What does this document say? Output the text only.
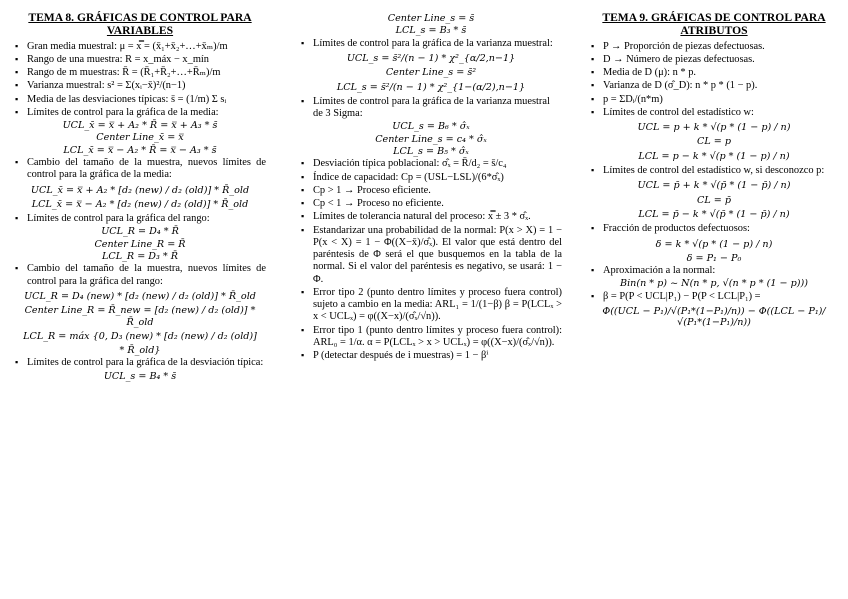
TEMA 8. GRÁFICAS DE CONTROL PARA VARIABLES
▪ Gran media muestral: μ = x̿ = (x̄₁+x̄₂+…+x̄ₘ)/m
▪ Rango de una muestra: R = x_máx − x_mín
▪ Rango de m muestras: R̄ = (R̄₁+R̄₂+…+R̄ₘ)/m
▪ Varianza muestral: s² = Σ(xᵢ−x̄)²/(n−1)
▪ Media de las desviaciones típicas: s̄ = (1/m) Σ sᵢ
▪ Límites de control para la gráfica de la media:
UCL_x̄ = x̿ + A₂ * R̄ = x̿ + A₃ * s̄
Center Line_x̄ = x̿
LCL_x̄ = x̿ − A₂ * R̄ = x̿ − A₃ * s̄
▪ Cambio del tamaño de la muestra, nuevos límites de control para la gráfica de la media:
UCL_x̄ = x̿ + A₂ * [d₂ (new) / d₂ (old)] * R̄_old
LCL_x̄ = x̿ − A₂ * [d₂ (new) / d₂ (old)] * R̄_old
▪ Límites de control para la gráfica del rango:
UCL_R = D₄ * R̄
Center Line_R = R̄
LCL_R = D₃ * R̄
▪ Cambio del tamaño de la muestra, nuevos límites de control para la gráfica del rango:
UCL_R = D₄ (new) * [d₂ (new) / d₂ (old)] * R̄_old
Center Line_R = R̄_new = [d₂ (new) / d₂ (old)] * R̄_old
LCL_R = máx {0, D₃ (new) * [d₂ (new) / d₂ (old)]
* R̄_old}
▪ Límites de control para la gráfica de la desviación típica:
UCL_s = B₄ * s̄
Center Line_s = s̄
LCL_s = B₃ * s̄
▪ Límites de control para la gráfica de la varianza muestral:
UCL_s = s̄²/(n − 1) * χ²_{α/2,n−1}
Center Line_s = s̄²
LCL_s = s̄²/(n − 1) * χ²_{1−(α/2),n−1}
▪ Límites de control para la gráfica de la varianza muestral de 3 Sigma:
UCL_s = B₆ * σ̂ₓ
Center Line_s = c₄ * σ̂ₓ
LCL_s = B₅ * σ̂ₓ
▪ Desviación típica poblacional: σ̂ₓ = R̄/d₂ = s̄/c₄
▪ Índice de capacidad: Cp = (USL−LSL)/(6*σ̂ₓ)
▪ Cp > 1 → Proceso eficiente.
▪ Cp < 1 → Proceso no eficiente.
▪ Límites de tolerancia natural del proceso: x̿ ± 3 * σ̂ₓ.
▪ Estandarizar una probabilidad de la normal: P(x > X) = 1 − P(x < X) = 1 − Φ((X−x̄)/σ̂ₓ). El valor que está dentro del paréntesis de Φ será el que busquemos en la tabla de la normal. Si el valor del paréntesis es negativo, se usará: 1 − Φ.
▪ Error tipo 2 (punto dentro límites y proceso fuera control) sujeto a cambio en la media: ARL₁ = 1/(1−β) β = P(LCLₓ > x < UCLₓ) = φ((X−x)/(σ̂ₓ/√n)).
▪ Error tipo 1 (punto dentro límites y proceso fuera control): ARL₀ = 1/α. α = P(LCLₓ > x > UCLₓ) = φ((X−x)/(σ̂ₓ/√n)).
▪ P (detectar después de i muestras) = 1 − βⁱ
TEMA 9. GRÁFICAS DE CONTROL PARA ATRIBUTOS
▪ P → Proporción de piezas defectuosas.
▪ D → Número de piezas defectuosas.
▪ Media de D (μ): n * p.
▪ Varianza de D (σ̂_D): n * p * (1 − p).
▪ p = ΣDᵢ/(n*m)
▪ Límites de control del estadístico w:
UCL = p + k * √(p * (1 − p) / n)
CL = p
LCL = p − k * √(p * (1 − p) / n)
▪ Límites de control del estadístico w, si desconozco p:
UCL = p̄ + k * √(p̄ * (1 − p̄) / n)
CL = p̄
LCL = p̄ − k * √(p̄ * (1 − p̄) / n)
▪ Fracción de productos defectuosos:
δ = k * √(p * (1 − p) / n)
δ = P₁ − P₀
▪ Aproximación a la normal:
Bin(n * p) ~ N(n * p, √(n * p * (1 − p)))
▪ β = P(P < UCL|P₁) − P(P < LCL|P₁) =
Φ((UCL − P₁)/√(P₁*(1−P₁)/n)) − Φ((LCL − P₁)/√(P₁*(1−P₁)/n))
